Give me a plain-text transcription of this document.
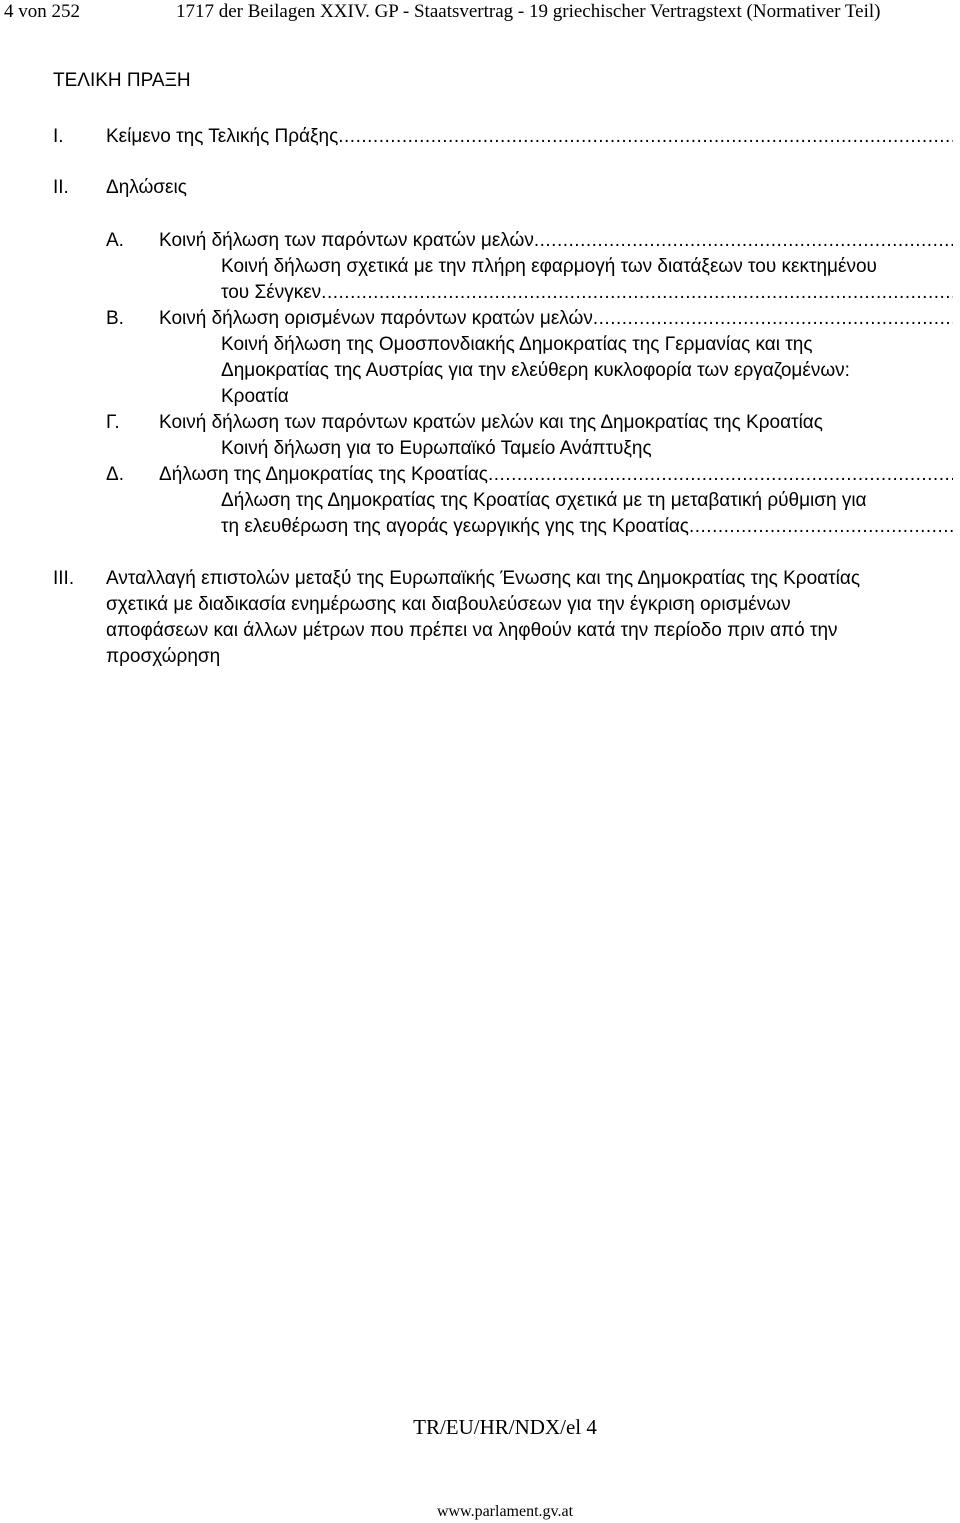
4 von 252	1717 der Beilagen XXIV. GP - Staatsvertrag - 19 griechischer Vertragstext (Normativer Teil)
ΤΕΛΙΚΗ ΠΡΑΞΗ
I. Κείμενο της Τελικής Πράξης
.....
II. Δηλώσεις
Α. Κοινή δήλωση των παρόντων κρατών μελών
.....
Κοινή δήλωση σχετικά με την πλήρη εφαρμογή των διατάξεων του κεκτημένου
του Σένγκεν
.....
Β. Κοινή δήλωση ορισμένων παρόντων κρατών μελών
.....
Κοινή δήλωση της Ομοσπονδιακής Δημοκρατίας της Γερμανίας και της
Δημοκρατίας της Αυστρίας για την ελεύθερη κυκλοφορία των εργαζομένων:
Κροατία
Γ. Κοινή δήλωση των παρόντων κρατών μελών και της Δημοκρατίας της Κροατίας
Κοινή δήλωση για το Ευρωπαϊκό Ταμείο Ανάπτυξης
Δ. Δήλωση της Δημοκρατίας της Κροατίας
.....
Δήλωση της Δημοκρατίας της Κροατίας σχετικά με τη μεταβατική ρύθμιση για
τη ελευθέρωση της αγοράς γεωργικής γης της Κροατίας
.....
III. Ανταλλαγή επιστολών μεταξύ της Ευρωπαϊκής Ένωσης και της Δημοκρατίας της Κροατίας
σχετικά με διαδικασία ενημέρωσης και διαβουλεύσεων για την έγκριση ορισμένων
αποφάσεων και άλλων μέτρων που πρέπει να ληφθούν κατά την περίοδο πριν από την
προσχώρηση
TR/EU/HR/NDX/el 4
www.parlament.gv.at
